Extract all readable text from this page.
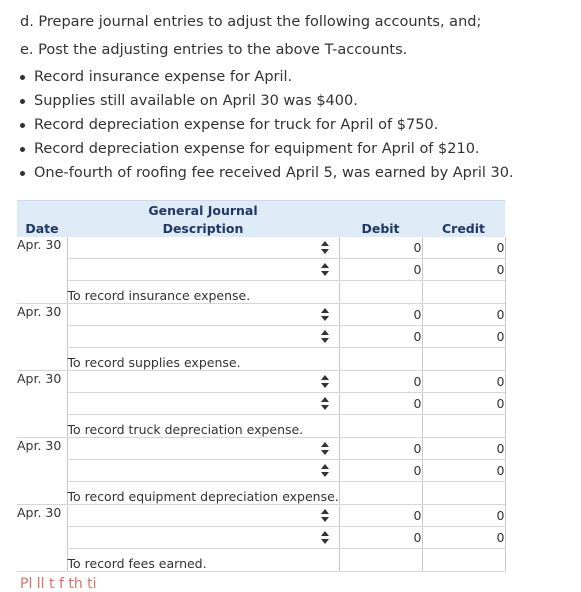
d. Prepare journal entries to adjust the following accounts, and;
e. Post the adjusting entries to the above T-accounts.
Record insurance expense for April.
Supplies still available on April 30 was $400.
Record depreciation expense for truck for April of $750.
Record depreciation expense for equipment for April of $210.
One-fourth of roofing fee received April 5, was earned by April 30.
	General Journal		
Date	Description	Debit	Credit
Apr. 30		0	0

		0	0
	To record insurance expense.		
Apr. 30		0	0

		0	0
	To record supplies expense.		
Apr. 30		0	0

		0	0
	To record truck depreciation expense.		
Apr. 30		0	0

		0	0
	To record equipment depreciation expense.		
Apr. 30		0	0

		0	0
	To record fees earned.		
Pl ll t f th ti
